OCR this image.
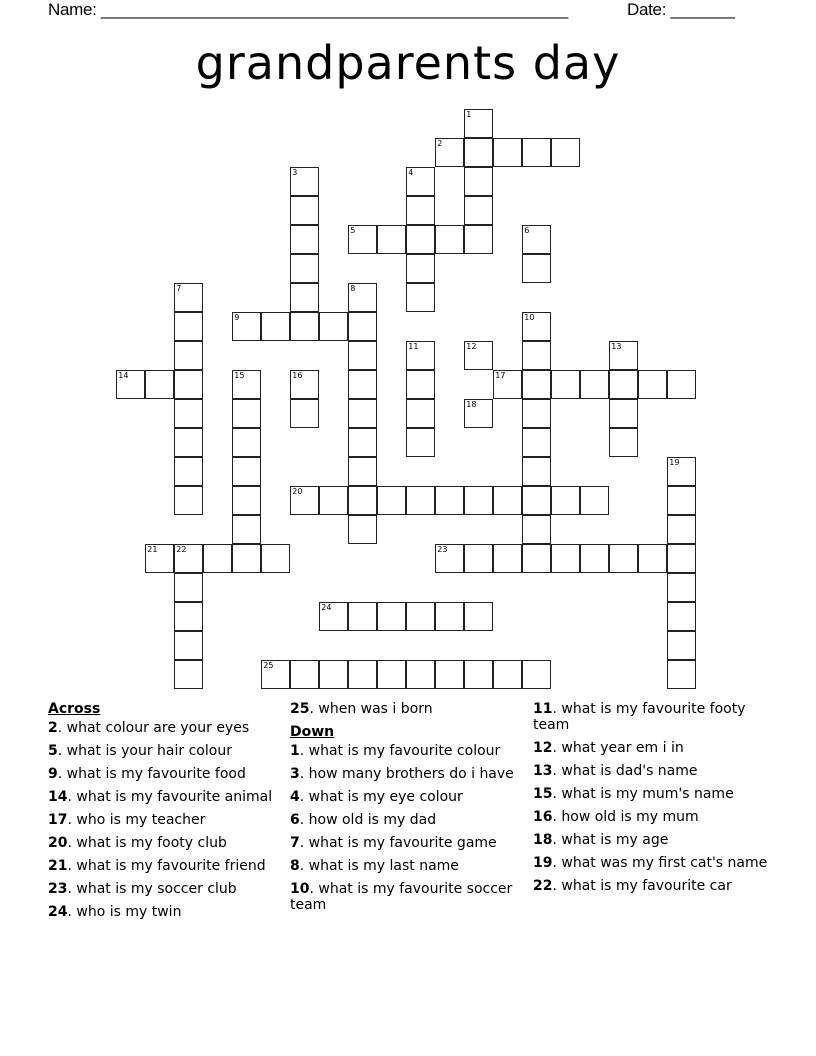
Name: ___________________________________________________	Date: _______
grandparents day
1
2
3	4
5	6
7	8
9	10
11	12	13
14	15	16	17
18
19
20
21 22	23
24
25
Across
2. what colour are your eyes
5. what is your hair colour
9. what is my favourite food
14. what is my favourite animal
17. who is my teacher
20. what is my footy club
21. what is my favourite friend
23. what is my soccer club
24. who is my twin
25. when was i born
Down
1. what is my favourite colour
3. how many brothers do i have
4. what is my eye colour
6. how old is my dad
7. what is my favourite game
8. what is my last name
10. what is my favourite soccer team
11. what is my favourite footy team
12. what year em i in
13. what is dad's name
15. what is my mum's name
16. how old is my mum
18. what is my age
19. what was my first cat's name
22. what is my favourite car
